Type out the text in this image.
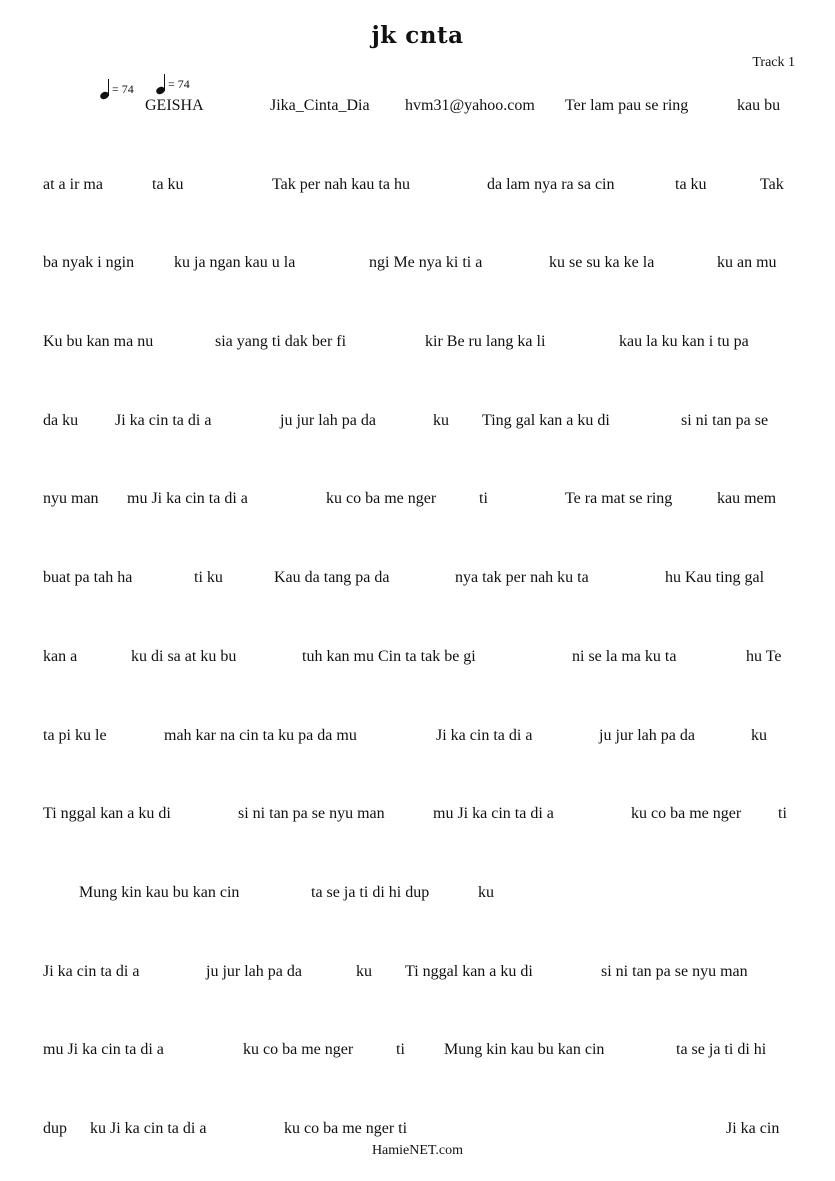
jk cnta
Track 1
= 74	= 74
GEISHA	Jika_Cinta_Dia hvm31@yahoo.com Ter lam pau se ring	kau bu
at a ir ma	ta ku	Tak per nah kau ta hu	da lam nya ra sa cin	ta ku	Tak
ba nyak i ngin ku ja ngan kau u la	ngi Me nya ki ti a	ku se su ka ke la	ku an mu
Ku bu kan ma nu	sia yang ti dak ber fi	kir Be ru lang ka li	kau la ku kan i tu pa
da ku Ji ka cin ta di a	ju jur lah pa da	ku Ting gal kan a ku di	si ni tan pa se
nyu man mu Ji ka cin ta di a	ku co ba me nger	ti	Te ra mat se ring	kau mem
buat pa tah ha	ti ku	Kau da tang pa da	nya tak per nah ku ta	hu Kau ting gal
kan a	ku di sa at ku bu	tuh kan mu Cin ta tak be gi	ni se la ma ku ta	hu Te
ta pi ku le	mah kar na cin ta ku pa da mu	Ji ka cin ta di a	ju jur lah pa da	ku
Ti nggal kan a ku di	si ni tan pa se nyu man	mu Ji ka cin ta di a	ku co ba me nger ti
Mung kin kau bu kan cin	ta se ja ti di hi dup	ku
Ji ka cin ta di a	ju jur lah pa da	ku Ti nggal kan a ku di	si ni tan pa se nyu man
mu Ji ka cin ta di a	ku co ba me nger	ti Mung kin kau bu kan cin	ta se ja ti di hi
dup ku Ji ka cin ta di a	ku co ba me nger ti	Ji ka cin
HamieNET.com
